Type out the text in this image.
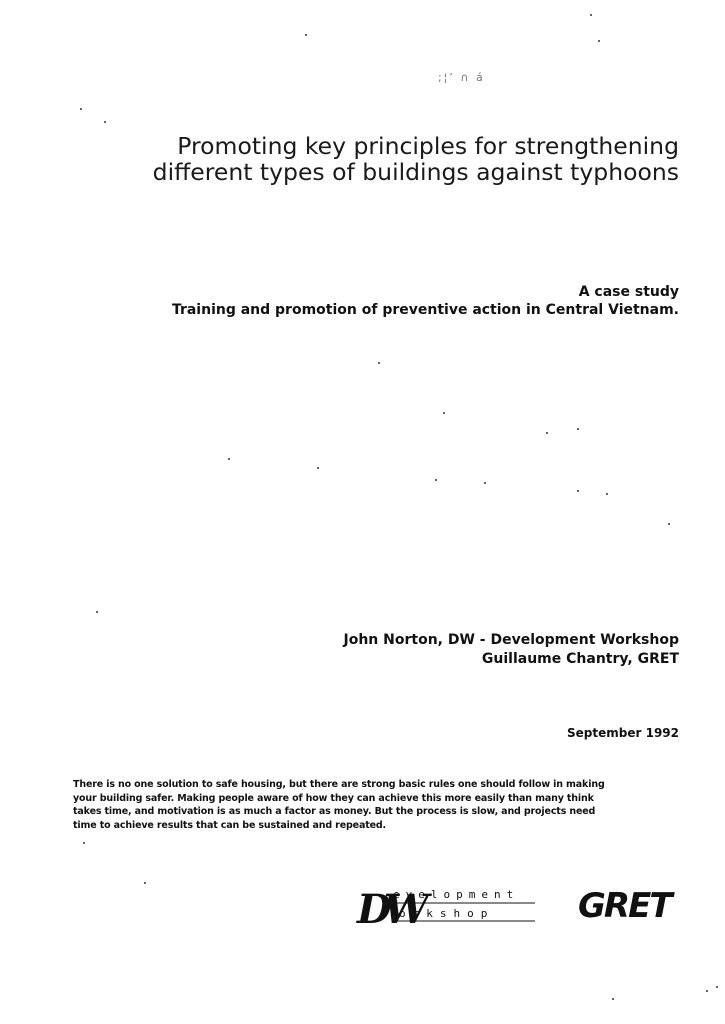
;¦’ ∩ á
Promoting key principles for strengthening
different types of buildings against typhoons
A case study
Training and promotion of preventive action in Central Vietnam.
John Norton, DW - Development Workshop
Guillaume Chantry, GRET
September 1992

There is no one solution to safe housing, but there are strong basic rules one should follow in making
your building safer. Making people aware of how they can achieve this more easily than many think
takes time, and motivation is as much a factor as money. But the process is slow, and projects need
time to achieve results that can be sustained and repeated.

DW
evelopment
orkshop GRET
